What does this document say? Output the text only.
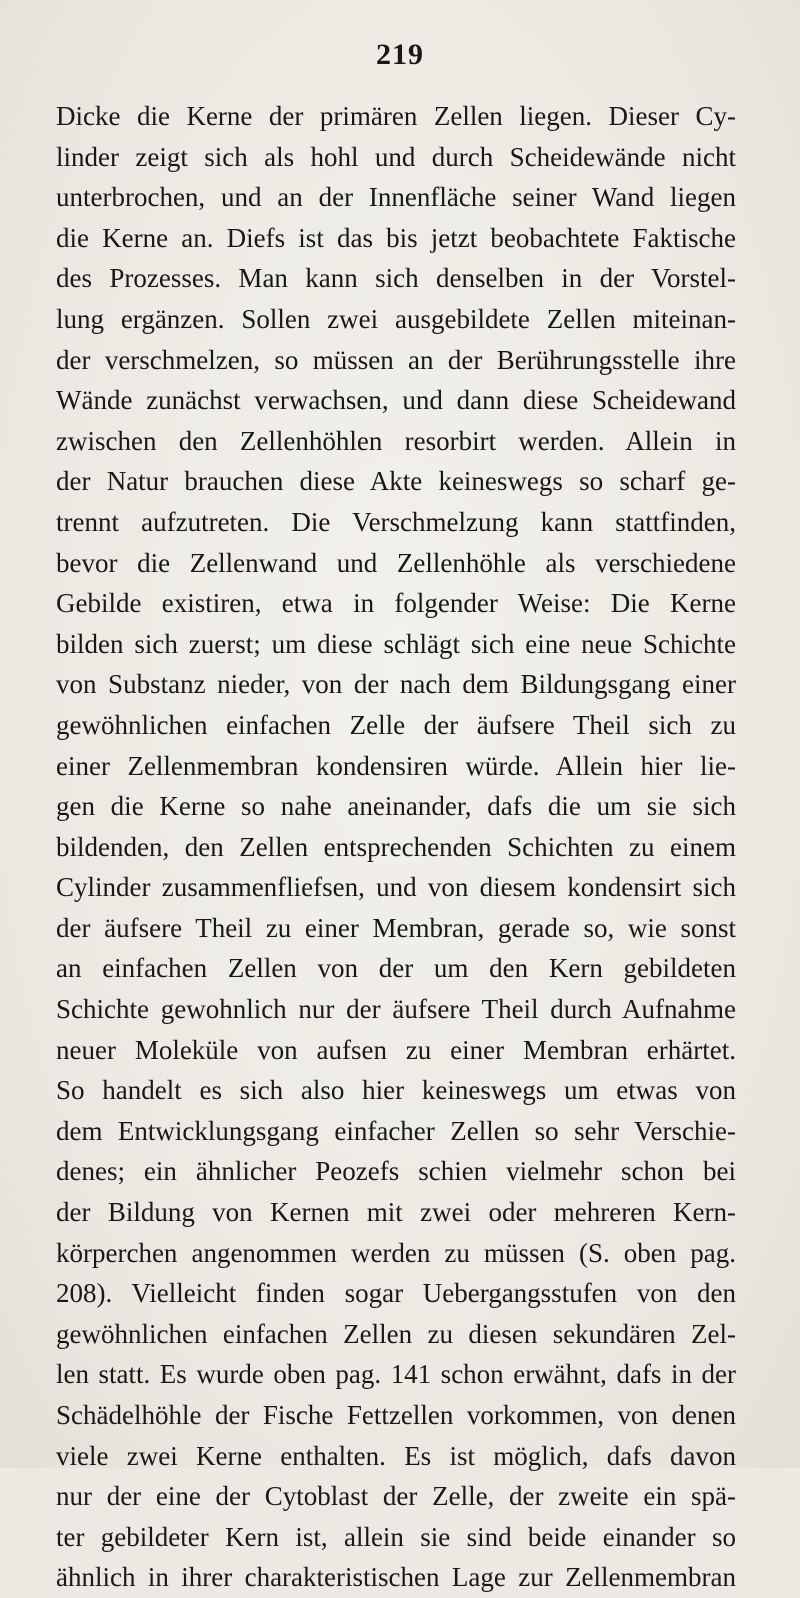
219
Dicke die Kerne der primären Zellen liegen. Dieser Cy-
linder zeigt sich als hohl und durch Scheidewände nicht
unterbrochen, und an der Innenfläche seiner Wand liegen
die Kerne an. Diefs ist das bis jetzt beobachtete Faktische
des Prozesses. Man kann sich denselben in der Vorstel-
lung ergänzen. Sollen zwei ausgebildete Zellen miteinan-
der verschmelzen, so müssen an der Berührungsstelle ihre
Wände zunächst verwachsen, und dann diese Scheidewand
zwischen den Zellenhöhlen resorbirt werden. Allein in
der Natur brauchen diese Akte keineswegs so scharf ge-
trennt aufzutreten. Die Verschmelzung kann stattfinden,
bevor die Zellenwand und Zellenhöhle als verschiedene
Gebilde existiren, etwa in folgender Weise: Die Kerne
bilden sich zuerst; um diese schlägt sich eine neue Schichte
von Substanz nieder, von der nach dem Bildungsgang einer
gewöhnlichen einfachen Zelle der äufsere Theil sich zu
einer Zellenmembran kondensiren würde. Allein hier lie-
gen die Kerne so nahe aneinander, dafs die um sie sich
bildenden, den Zellen entsprechenden Schichten zu einem
Cylinder zusammenfliefsen, und von diesem kondensirt sich
der äufsere Theil zu einer Membran, gerade so, wie sonst
an einfachen Zellen von der um den Kern gebildeten
Schichte gewohnlich nur der äufsere Theil durch Aufnahme
neuer Moleküle von aufsen zu einer Membran erhärtet.
So handelt es sich also hier keineswegs um etwas von
dem Entwicklungsgang einfacher Zellen so sehr Verschie-
denes; ein ähnlicher Peozefs schien vielmehr schon bei
der Bildung von Kernen mit zwei oder mehreren Kern-
körperchen angenommen werden zu müssen (S. oben pag.
208). Vielleicht finden sogar Uebergangsstufen von den
gewöhnlichen einfachen Zellen zu diesen sekundären Zel-
len statt. Es wurde oben pag. 141 schon erwähnt, dafs in der
Schädelhöhle der Fische Fettzellen vorkommen, von denen
viele zwei Kerne enthalten. Es ist möglich, dafs davon
nur der eine der Cytoblast der Zelle, der zweite ein spä-
ter gebildeter Kern ist, allein sie sind beide einander so
ähnlich in ihrer charakteristischen Lage zur Zellenmembran
